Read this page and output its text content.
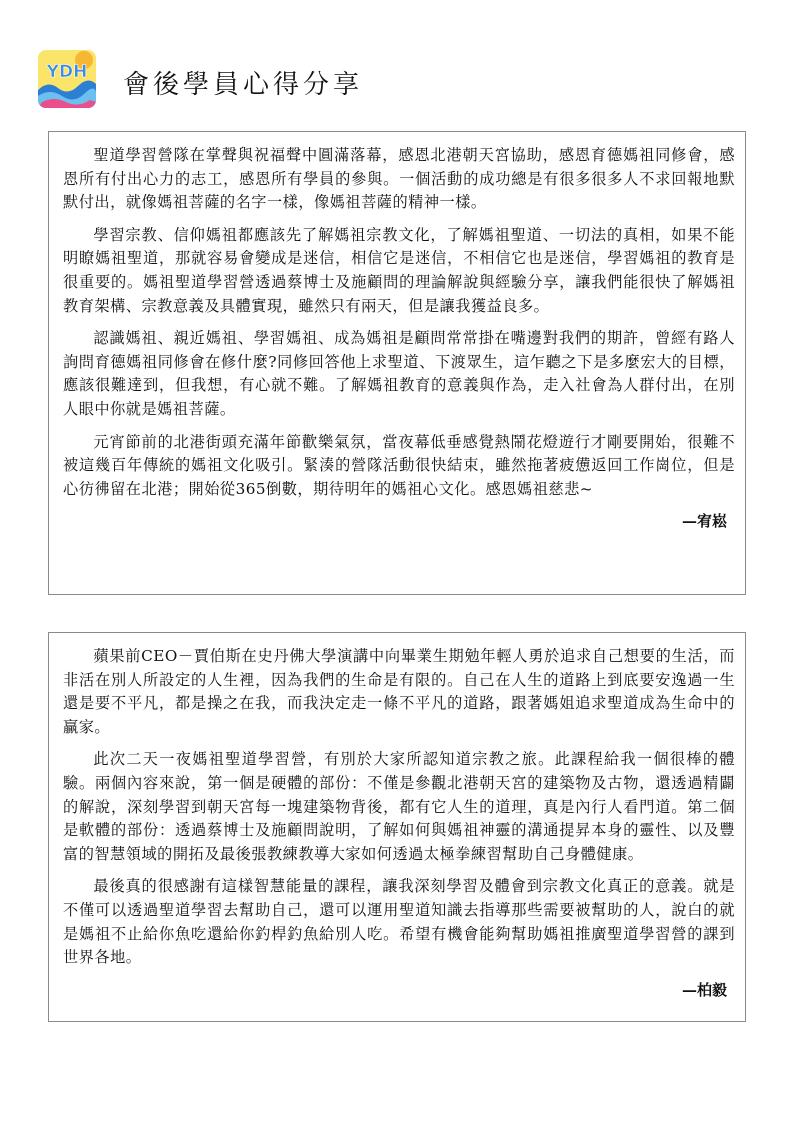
YDH 會後學員心得分享

聖道學習營隊在掌聲與祝福聲中圓滿落幕，感恩北港朝天宮協助，感恩育德媽祖同修會，感恩所有付出心力的志工，感恩所有學員的參與。一個活動的成功總是有很多很多人不求回報地默默付出，就像媽祖菩薩的名字一樣，像媽祖菩薩的精神一樣。

學習宗教、信仰媽祖都應該先了解媽祖宗教文化，了解媽祖聖道、一切法的真相，如果不能明瞭媽祖聖道，那就容易會變成是迷信，相信它是迷信，不相信它也是迷信，學習媽祖的教育是很重要的。媽祖聖道學習營透過蔡博士及施顧問的理論解說與經驗分享，讓我們能很快了解媽祖教育架構、宗教意義及具體實現，雖然只有兩天，但是讓我獲益良多。

認識媽祖、親近媽祖、學習媽祖、成為媽祖是顧問常常掛在嘴邊對我們的期許，曾經有路人詢問育德媽祖同修會在修什麼?同修回答他上求聖道、下渡眾生，這乍聽之下是多麼宏大的目標，應該很難達到，但我想，有心就不難。了解媽祖教育的意義與作為，走入社會為人群付出，在別人眼中你就是媽祖菩薩。

元宵節前的北港街頭充滿年節歡樂氣氛，當夜幕低垂感覺熱鬧花燈遊行才剛要開始，很難不被這幾百年傳統的媽祖文化吸引。緊湊的營隊活動很快結束，雖然拖著疲憊返回工作崗位，但是心彷彿留在北港；開始從365倒數，期待明年的媽祖心文化。感恩媽祖慈悲~

—宥崧

蘋果前CEO－賈伯斯在史丹佛大學演講中向畢業生期勉年輕人勇於追求自己想要的生活，而非活在別人所設定的人生裡，因為我們的生命是有限的。自己在人生的道路上到底要安逸過一生還是要不平凡，都是操之在我，而我決定走一條不平凡的道路，跟著媽姐追求聖道成為生命中的贏家。

此次二天一夜媽祖聖道學習營，有別於大家所認知道宗教之旅。此課程給我一個很棒的體驗。兩個內容來說，第一個是硬體的部份：不僅是參觀北港朝天宮的建築物及古物，還透過精闢的解說，深刻學習到朝天宮每一塊建築物背後，都有它人生的道理，真是內行人看門道。第二個是軟體的部份：透過蔡博士及施顧問說明，了解如何與媽祖神靈的溝通提昇本身的靈性、以及豐富的智慧領域的開拓及最後張教練教導大家如何透過太極拳練習幫助自己身體健康。

最後真的很感謝有這樣智慧能量的課程，讓我深刻學習及體會到宗教文化真正的意義。就是不僅可以透過聖道學習去幫助自己，還可以運用聖道知識去指導那些需要被幫助的人，說白的就是媽祖不止給你魚吃還給你釣桿釣魚給別人吃。希望有機會能夠幫助媽祖推廣聖道學習營的課到世界各地。

—柏毅
